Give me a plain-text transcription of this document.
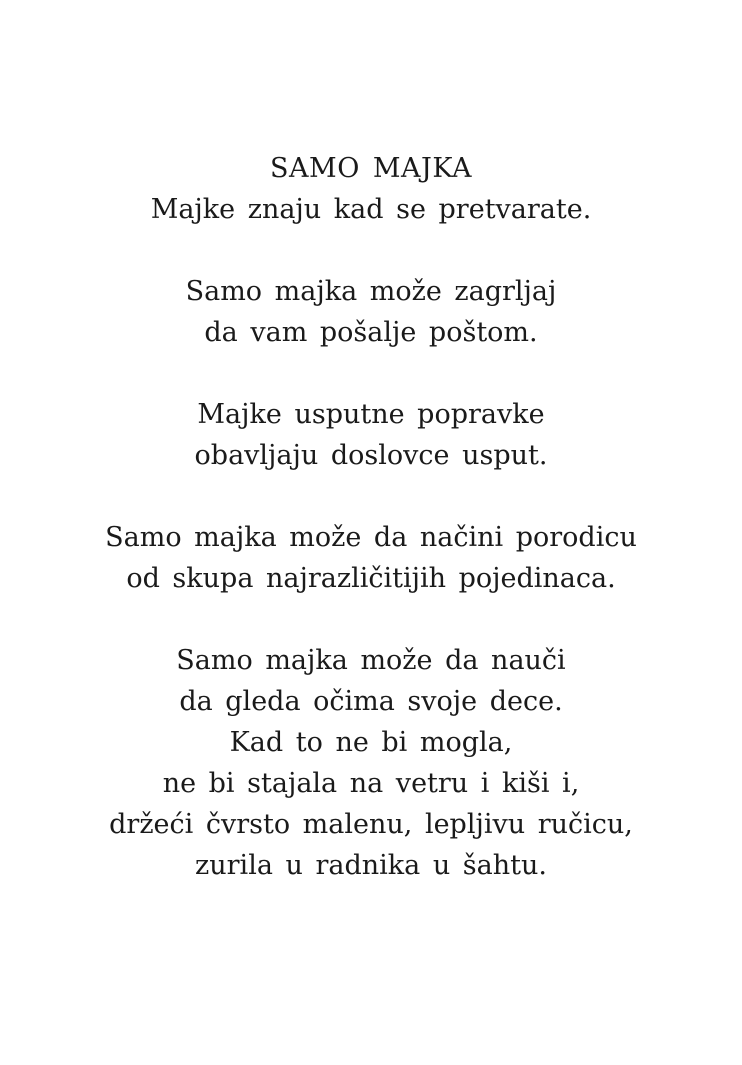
SAMO MAJKA
Majke znaju kad se pretvarate.
Samo majka može zagrljaj
da vam pošalje poštom.
Majke usputne popravke
obavljaju doslovce usput.
Samo majka može da načini porodicu
od skupa najrazličitijih pojedinaca.
Samo majka može da nauči
da gleda očima svoje dece.
Kad to ne bi mogla,
ne bi stajala na vetru i kiši i,
držeći čvrsto malenu, lepljivu ručicu,
zurila u radnika u šahtu.
